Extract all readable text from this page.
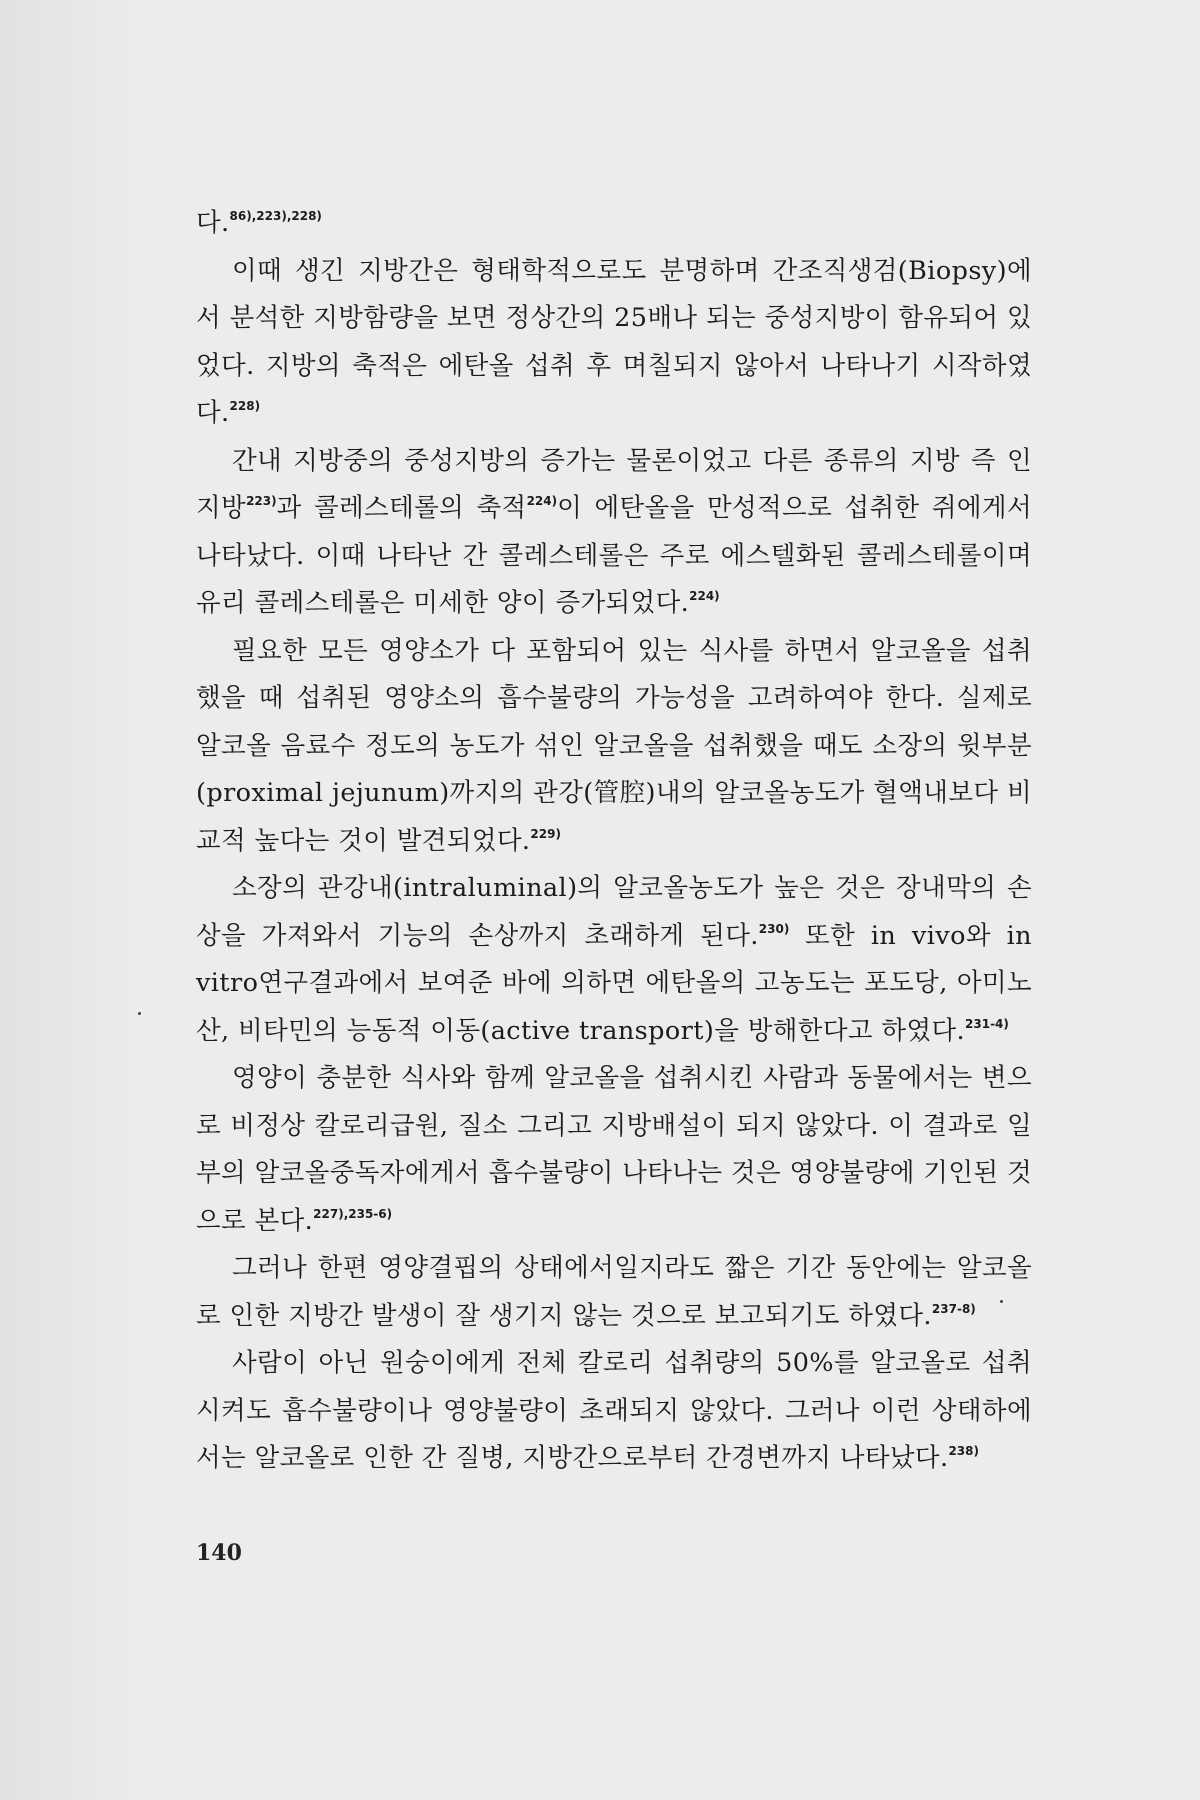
다.$^{86),223),228)}$

이때 생긴 지방간은 형태학적으로도 분명하며 간조직생검(Biopsy)에서 분석한 지방함량을 보면 정상간의 25배나 되는 중성지방이 함유되어 있었다. 지방의 축적은 에탄올 섭취 후 며칠되지 않아서 나타나기 시작하였다.$^{228)}$

간내 지방중의 중성지방의 증가는 물론이었고 다른 종류의 지방 즉 인지방$^{223)}$과 콜레스테롤의 축적$^{224)}$이 에탄올을 만성적으로 섭취한 쥐에게서 나타났다. 이때 나타난 간 콜레스테롤은 주로 에스텔화된 콜레스테롤이며 유리 콜레스테롤은 미세한 양이 증가되었다.$^{224)}$

필요한 모든 영양소가 다 포함되어 있는 식사를 하면서 알코올을 섭취했을 때 섭취된 영양소의 흡수불량의 가능성을 고려하여야 한다. 실제로 알코올 음료수 정도의 농도가 섞인 알코올을 섭취했을 때도 소장의 윗부분(proximal jejunum)까지의 관강(管腔)내의 알코올농도가 혈액내보다 비교적 높다는 것이 발견되었다.$^{229)}$

소장의 관강내(intraluminal)의 알코올농도가 높은 것은 장내막의 손상을 가져와서 기능의 손상까지 초래하게 된다.$^{230)}$ 또한 in vivo와 in vitro연구결과에서 보여준 바에 의하면 에탄올의 고농도는 포도당, 아미노산, 비타민의 능동적 이동(active transport)을 방해한다고 하였다.$^{231-4)}$

영양이 충분한 식사와 함께 알코올을 섭취시킨 사람과 동물에서는 변으로 비정상 칼로리급원, 질소 그리고 지방배설이 되지 않았다. 이 결과로 일부의 알코올중독자에게서 흡수불량이 나타나는 것은 영양불량에 기인된 것으로 본다.$^{227),235-6)}$

그러나 한편 영양결핍의 상태에서일지라도 짧은 기간 동안에는 알코올로 인한 지방간 발생이 잘 생기지 않는 것으로 보고되기도 하였다.$^{237-8)}$

사람이 아닌 원숭이에게 전체 칼로리 섭취량의 50%를 알코올로 섭취시켜도 흡수불량이나 영양불량이 초래되지 않았다. 그러나 이런 상태하에서는 알코올로 인한 간 질병, 지방간으로부터 간경변까지 나타났다.$^{238)}$

140
